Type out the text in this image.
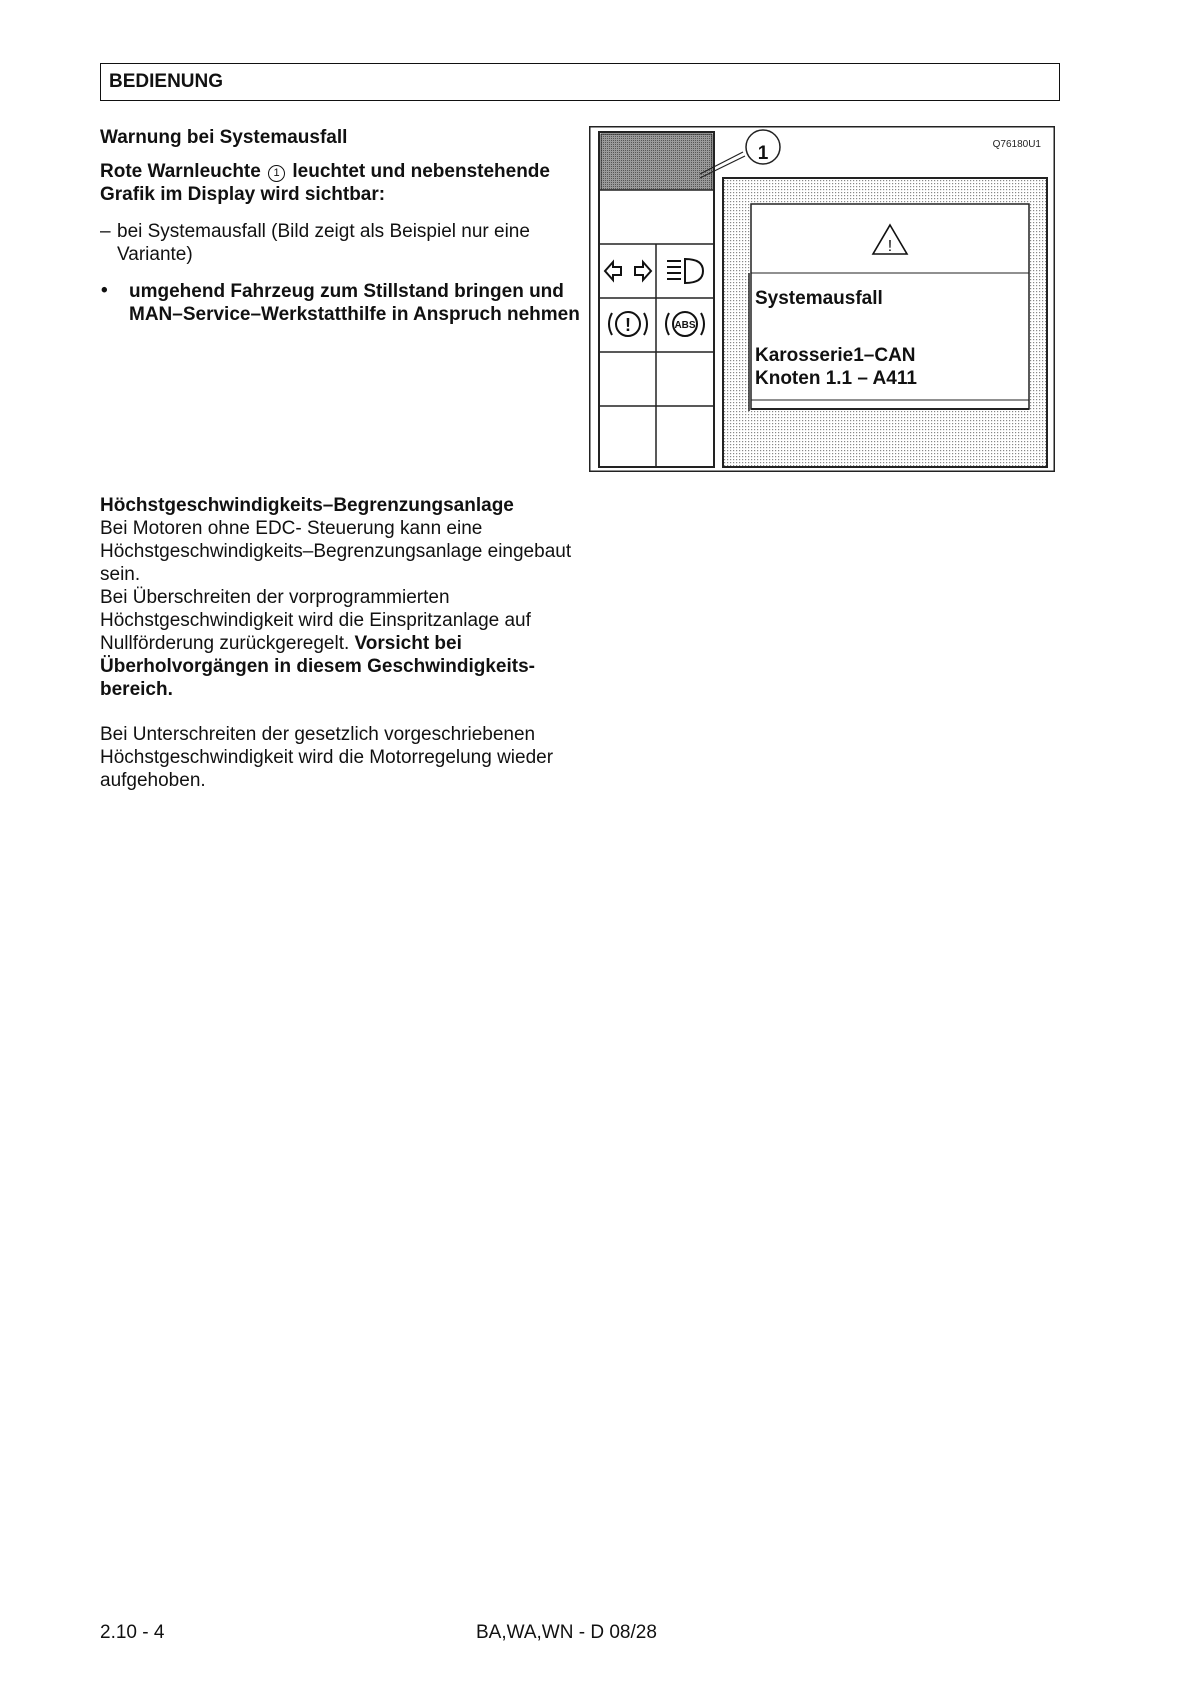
BEDIENUNG
Warnung bei Systemausfall
Rote Warnleuchte 1 leuchtet und nebenstehende Grafik im Display wird sichtbar:
– bei Systemausfall (Bild zeigt als Beispiel nur eine Variante)
• umgehend Fahrzeug zum Stillstand bringen und MAN–Service–Werkstatthilfe in Anspruch nehmen	!	ABS
!
Q76180U1
1
Systemausfall
Karosserie1–CAN
Knoten 1.1 – A411
Höchstgeschwindigkeits–Begrenzungsanlage
Bei Motoren ohne EDC- Steuerung kann eine Höchstgeschwindigkeits–Begrenzungsanlage eingebaut sein.
Bei Überschreiten der vorprogrammierten Höchstgeschwindigkeit wird die Einspritzanlage auf Nullförderung zurückgeregelt. Vorsicht bei Überholvorgängen in diesem Geschwindigkeits- bereich.
Bei Unterschreiten der gesetzlich vorgeschriebenen Höchstgeschwindigkeit wird die Motorregelung wieder aufgehoben.
2.10 - 4	BA,WA,WN - D 08/28
